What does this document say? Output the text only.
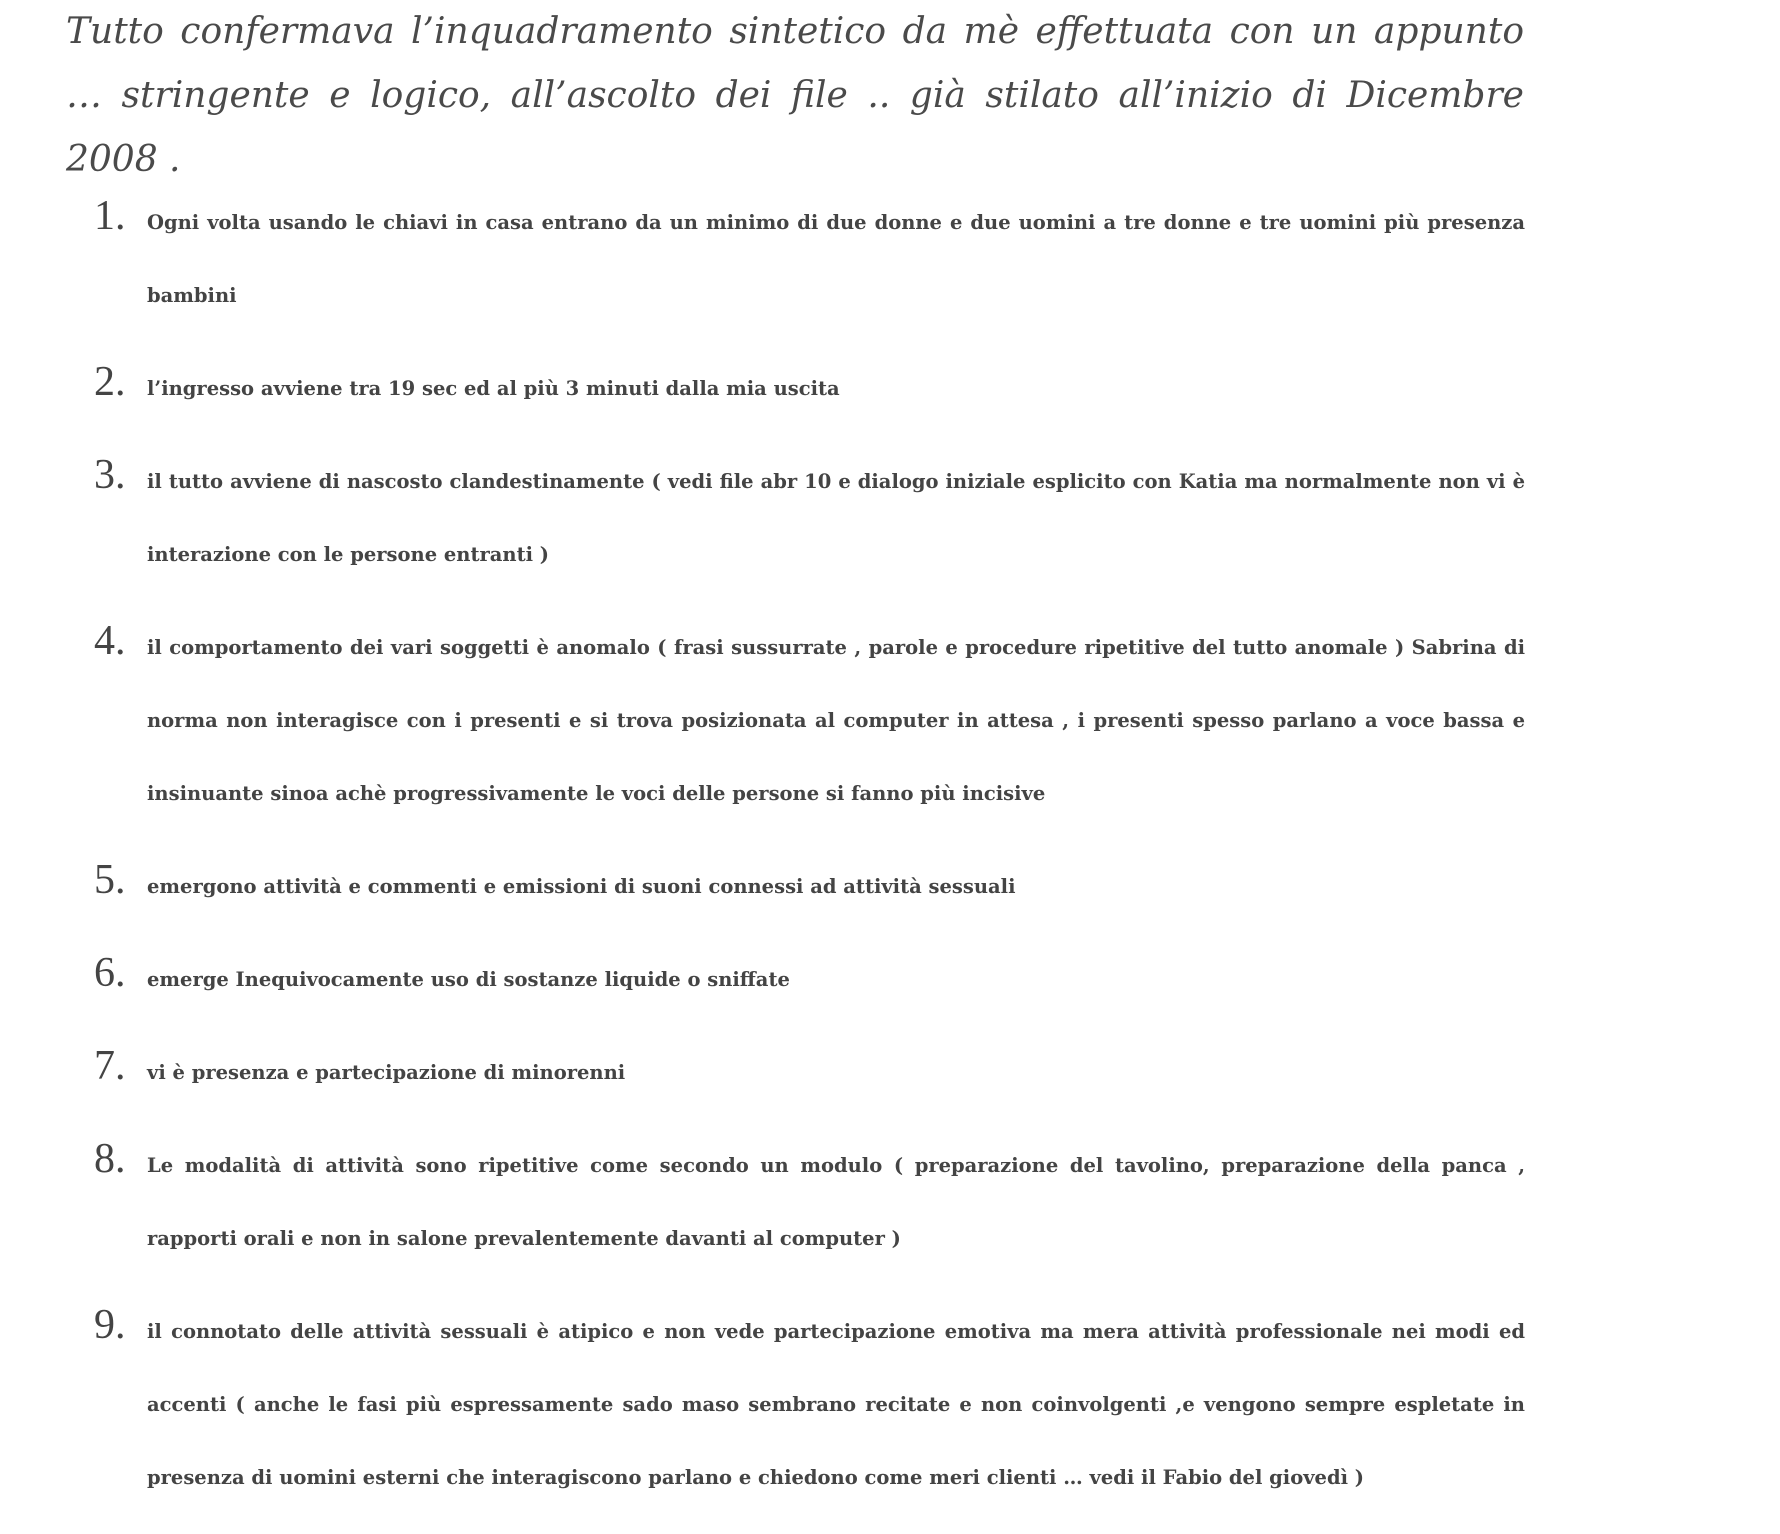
Tutto confermava l’inquadramento sintetico da mè effettuata con un appunto … stringente e logico, all’ascolto dei file .. già stilato all’inizio di Dicembre 2008 .

1. Ogni volta usando le chiavi in casa entrano da un minimo di due donne e due uomini a tre donne e tre uomini più presenza bambini
2. l’ingresso avviene tra 19 sec ed al più 3 minuti dalla mia uscita
3. il tutto avviene di nascosto clandestinamente ( vedi file abr 10 e dialogo iniziale esplicito con Katia ma normalmente non vi è interazione con le persone entranti )
4. il comportamento dei vari soggetti è anomalo ( frasi sussurrate , parole e procedure ripetitive del tutto anomale ) Sabrina di norma non interagisce con i presenti e si trova posizionata al computer in attesa , i presenti spesso parlano a voce bassa e insinuante sinoa achè progressivamente le voci delle persone si fanno più incisive
5. emergono attività e commenti e emissioni di suoni connessi ad attività sessuali
6. emerge Inequivocamente uso di sostanze liquide o sniffate
7. vi è presenza e partecipazione di minorenni
8. Le modalità di attività sono ripetitive come secondo un modulo ( preparazione del tavolino, preparazione della panca , rapporti orali e non in salone prevalentemente davanti al computer )
9. il connotato delle attività sessuali è atipico e non vede partecipazione emotiva ma mera attività professionale nei modi ed accenti ( anche le fasi più espressamente sado maso sembrano recitate e non coinvolgenti ,e vengono sempre espletate in presenza di uomini esterni che interagiscono parlano e chiedono come meri clienti … vedi il Fabio del giovedì )
